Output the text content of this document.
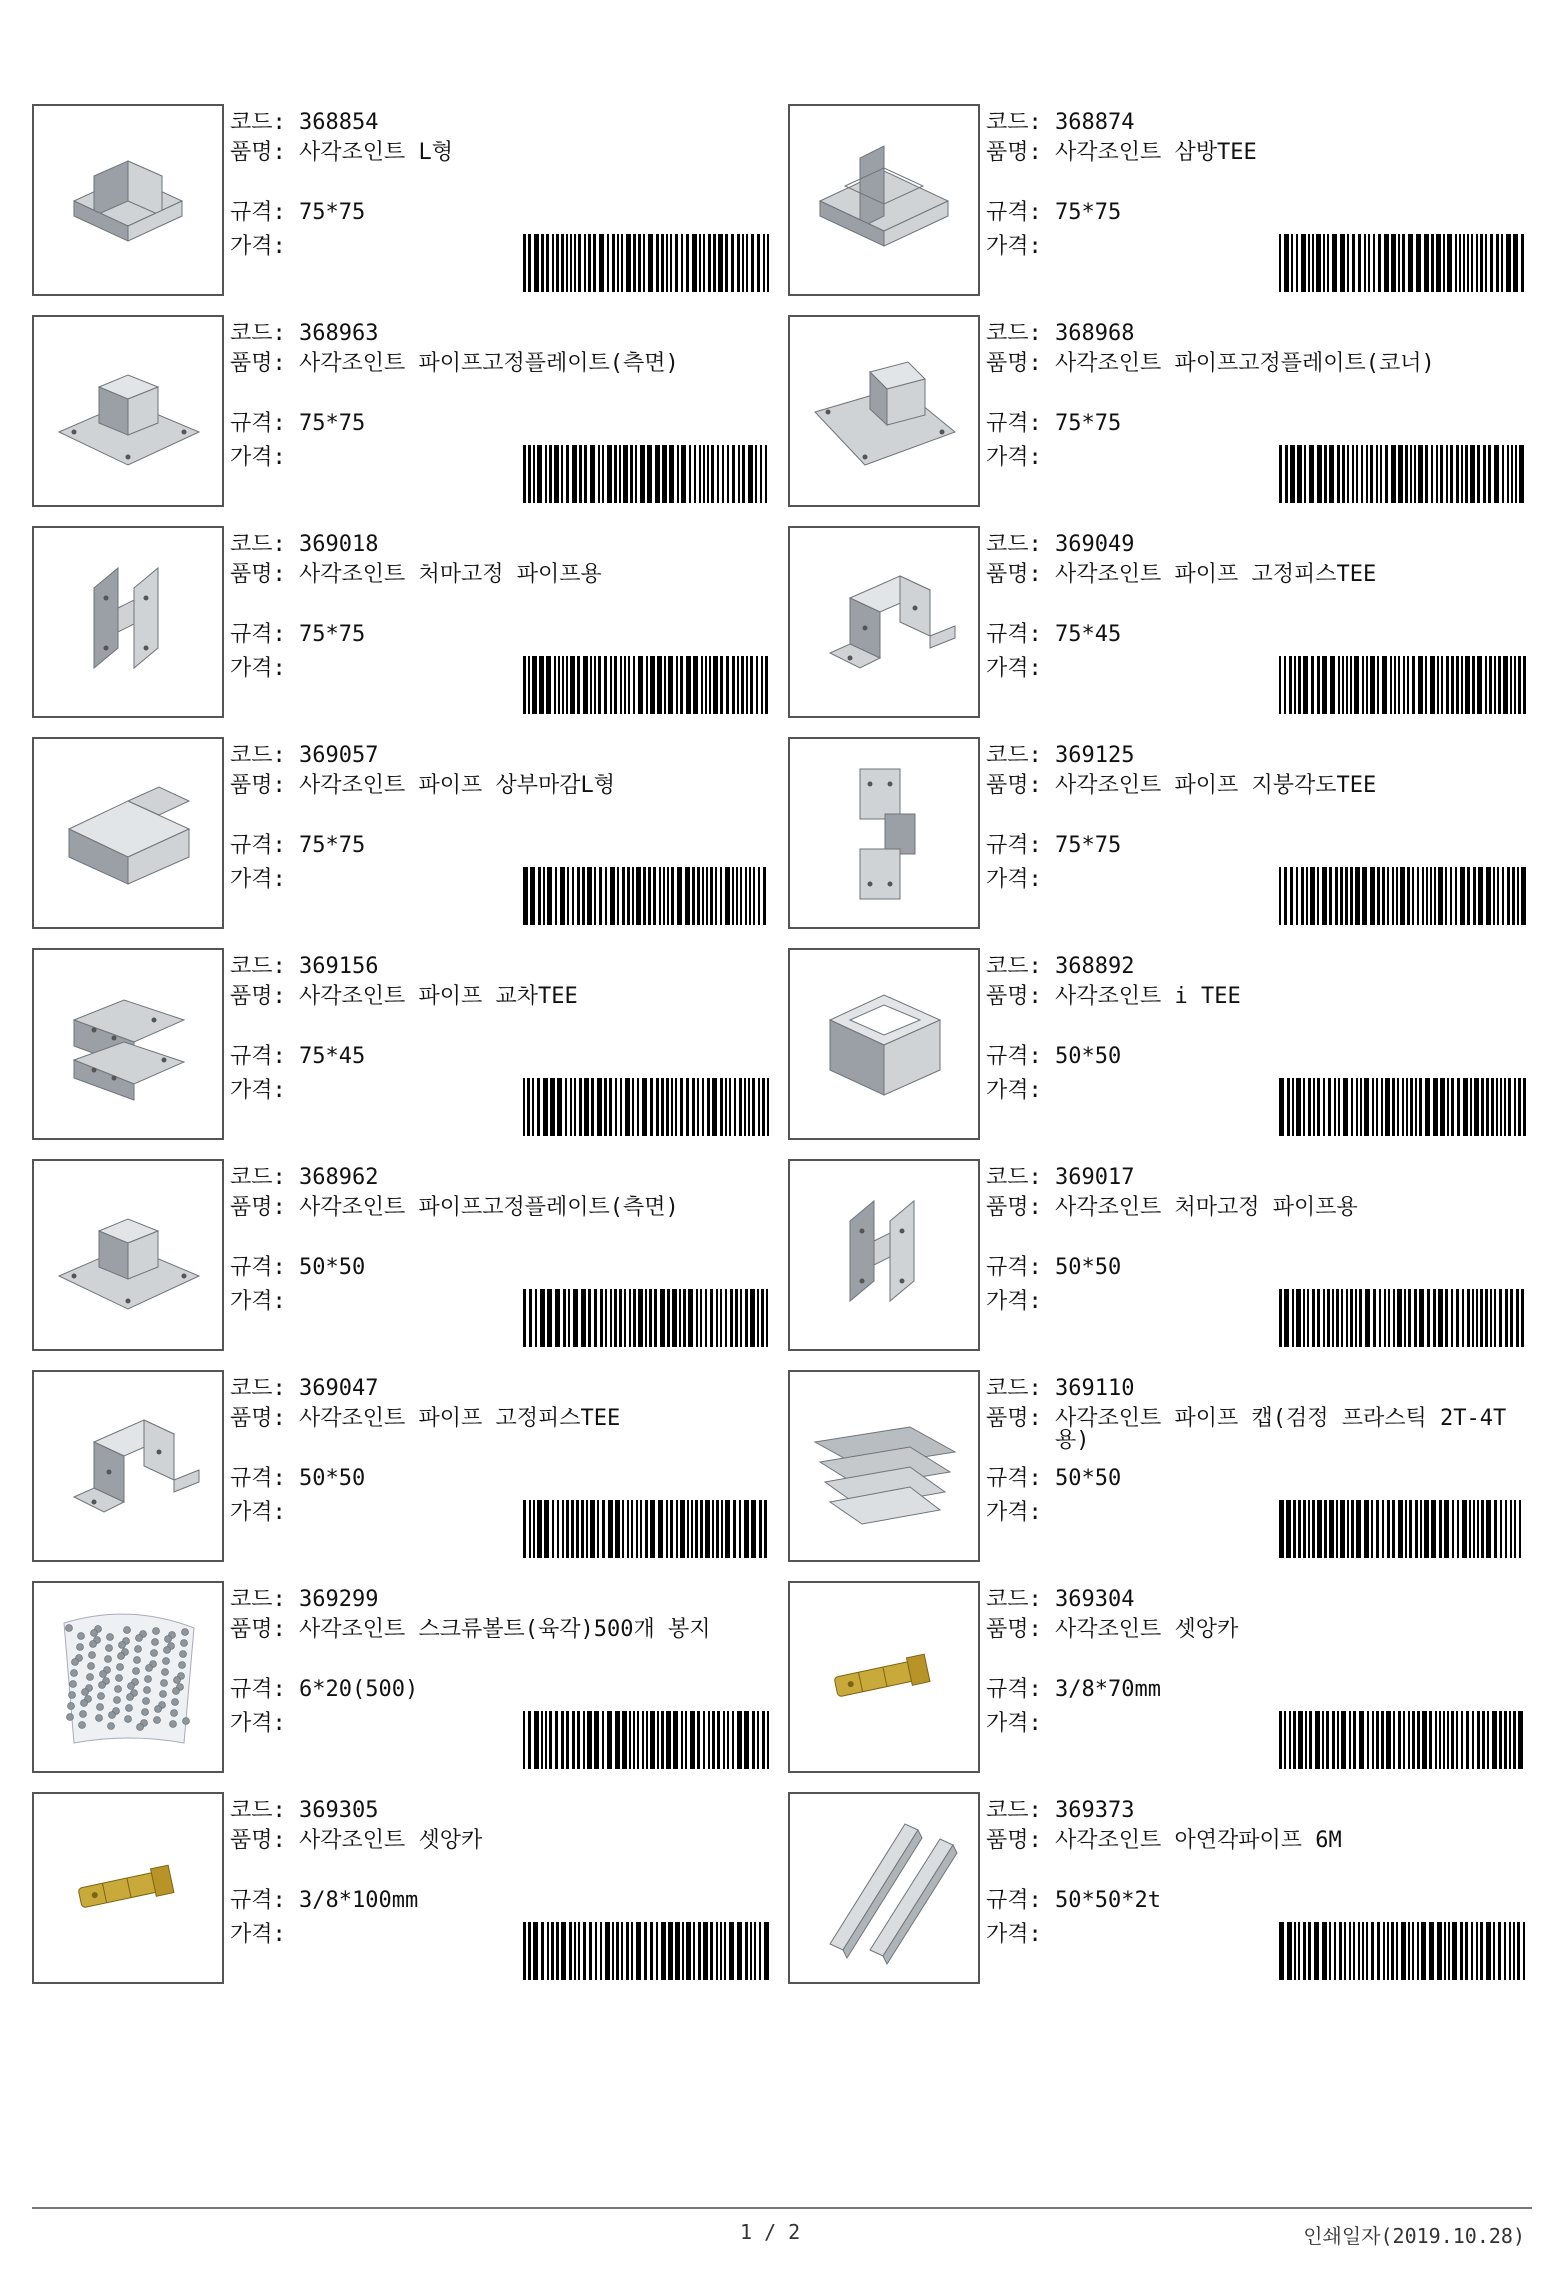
코드: 368854
품명: 사각조인트 L형
규격: 75*75
가격:
코드: 368874
품명: 사각조인트 삼방TEE
규격: 75*75
가격:
코드: 368963
품명: 사각조인트 파이프고정플레이트(측면)
규격: 75*75
가격:
코드: 368968
품명: 사각조인트 파이프고정플레이트(코너)
규격: 75*75
가격:
코드: 369018
품명: 사각조인트 처마고정 파이프용
규격: 75*75
가격:
코드: 369049
품명: 사각조인트 파이프 고정피스TEE
규격: 75*45
가격:
코드: 369057
품명: 사각조인트 파이프 상부마감L형
규격: 75*75
가격:
코드: 369125
품명: 사각조인트 파이프 지붕각도TEE
규격: 75*75
가격:
코드: 369156
품명: 사각조인트 파이프 교차TEE
규격: 75*45
가격:
코드: 368892
품명: 사각조인트 i TEE
규격: 50*50
가격:
코드: 368962
품명: 사각조인트 파이프고정플레이트(측면)
규격: 50*50
가격:
코드: 369017
품명: 사각조인트 처마고정 파이프용
규격: 50*50
가격:
코드: 369047
품명: 사각조인트 파이프 고정피스TEE
규격: 50*50
가격:
코드: 369110
품명: 사각조인트 파이프 캡(검정 프라스틱 2T-4T용)
규격: 50*50
가격:
코드: 369299
품명: 사각조인트 스크류볼트(육각)500개 봉지
규격: 6*20(500)
가격:
코드: 369304
품명: 사각조인트 셋앙카
규격: 3/8*70mm
가격:
코드: 369305
품명: 사각조인트 셋앙카
규격: 3/8*100mm
가격:
코드: 369373
품명: 사각조인트 아연각파이프 6M
규격: 50*50*2t
가격:
1 / 2	인쇄일자(2019.10.28)
